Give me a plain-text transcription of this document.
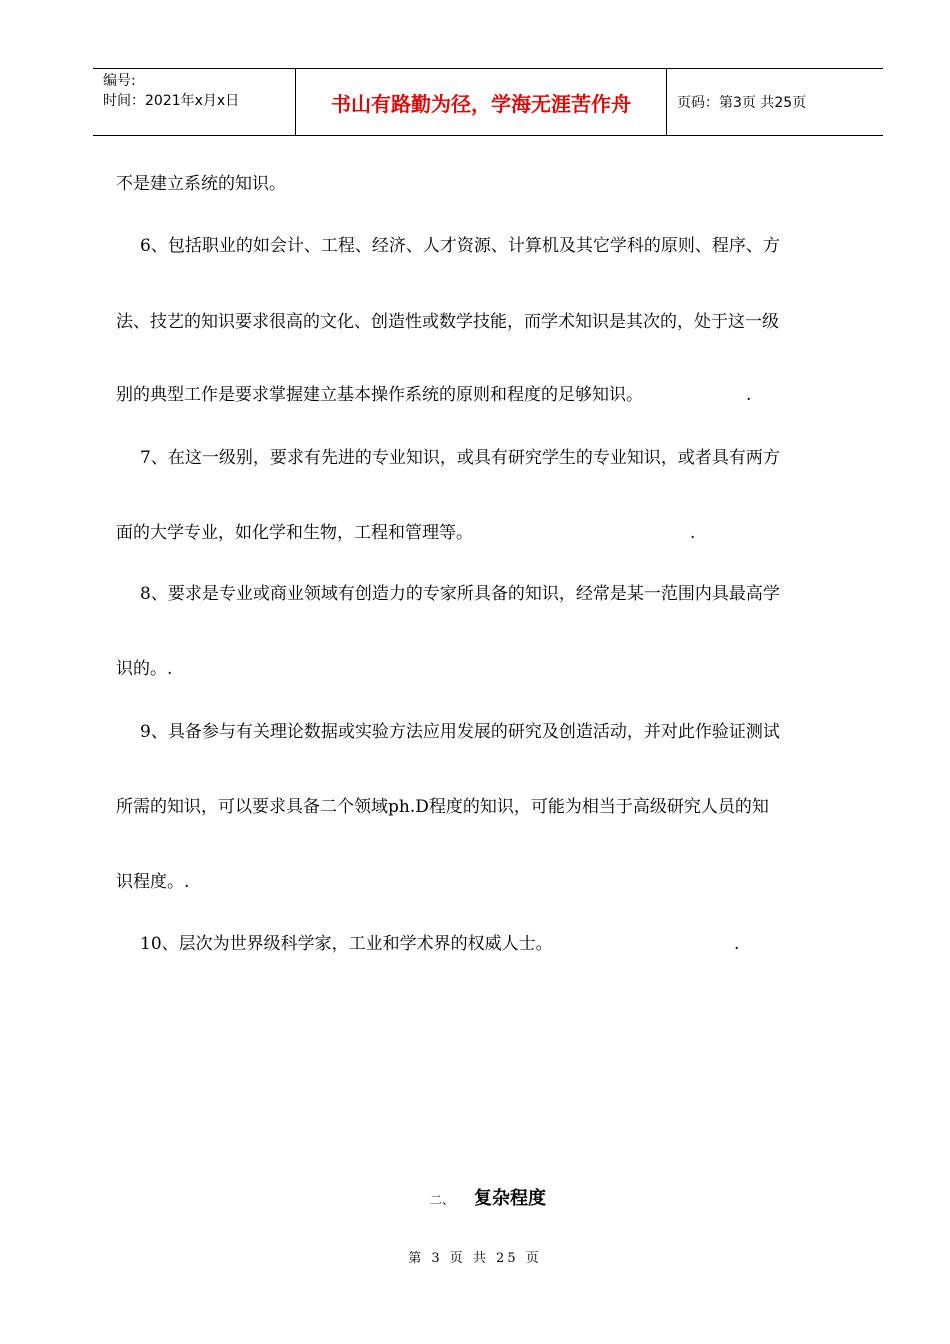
编号:
时间：2021年x月x日	书山有路勤为径，学海无涯苦作舟	页码：第3页 共25页
不是建立系统的知识。
6、包括职业的如会计、工程、经济、人才资源、计算机及其它学科的原则、程序、方
法、技艺的知识要求很高的文化、创造性或数学技能，而学术知识是其次的，处于这一级
别的典型工作是要求掌握建立基本操作系统的原则和程度的足够知识。	.
7、在这一级别，要求有先进的专业知识，或具有研究学生的专业知识，或者具有两方
面的大学专业，如化学和生物，工程和管理等。	.
8、要求是专业或商业领域有创造力的专家所具备的知识，经常是某一范围内具最高学
识的。.
9、具备参与有关理论数据或实验方法应用发展的研究及创造活动，并对此作验证测试
所需的知识，可以要求具备二个领域ph.D程度的知识，可能为相当于高级研究人员的知
识程度。.
10、层次为世界级科学家，工业和学术界的权威人士。	.
二、 复杂程度
第 3 页 共 25 页
